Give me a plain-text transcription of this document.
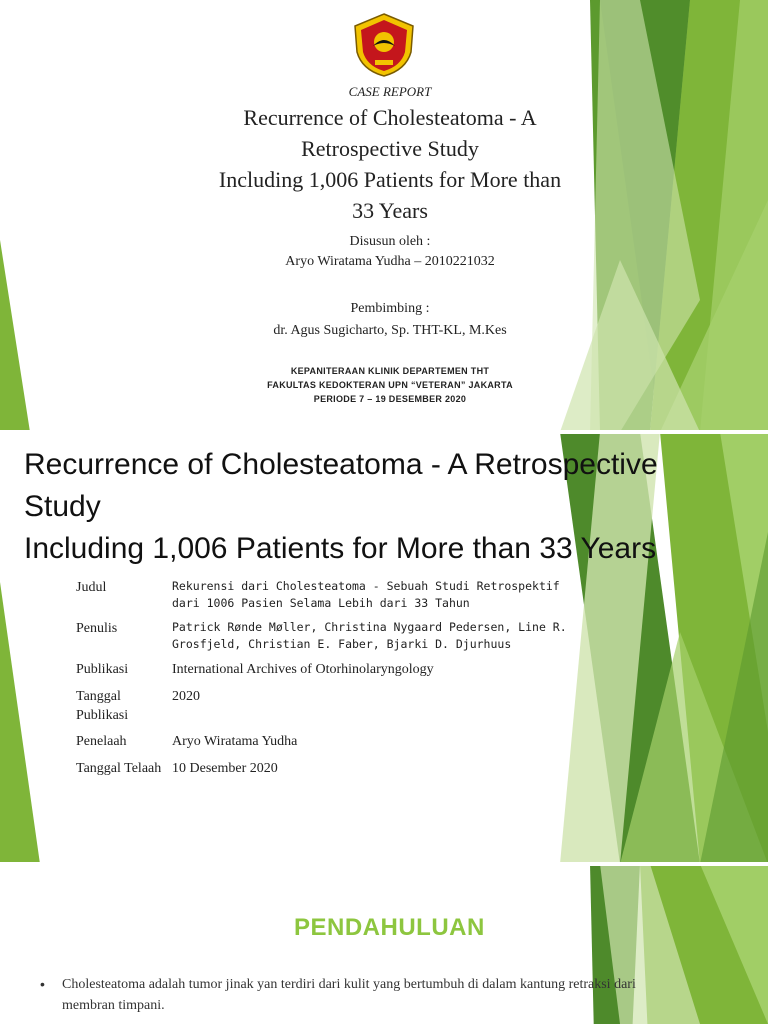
CASE REPORT
Recurrence of Cholesteatoma - A
Retrospective Study
Including 1,006 Patients for More than
33 Years
Disusun oleh :
Aryo Wiratama Yudha – 2010221032
Pembimbing :
dr. Agus Sugicharto, Sp. THT-KL, M.Kes
KEPANITERAAN KLINIK DEPARTEMEN THT
FAKULTAS KEDOKTERAN UPN “VETERAN” JAKARTA
PERIODE 7 – 19 DESEMBER 2020
Recurrence of Cholesteatoma - A Retrospective
Study
Including 1,006 Patients for More than 33 Years
Judul	Rekurensi dari Cholesteatoma - Sebuah Studi Retrospektif dari 1006 Pasien Selama Lebih dari 33 Tahun
Penulis	Patrick Rønde Møller, Christina Nygaard Pedersen, Line R. Grosfjeld, Christian E. Faber, Bjarki D. Djurhuus
Publikasi	International Archives of Otorhinolaryngology
Tanggal Publikasi	2020
Penelaah	Aryo Wiratama Yudha
Tanggal Telaah	10 Desember 2020
PENDAHULUAN
•	Cholesteatoma adalah tumor jinak yan terdiri dari kulit yang bertumbuh di dalam kantung retraksi dari membran timpani.
